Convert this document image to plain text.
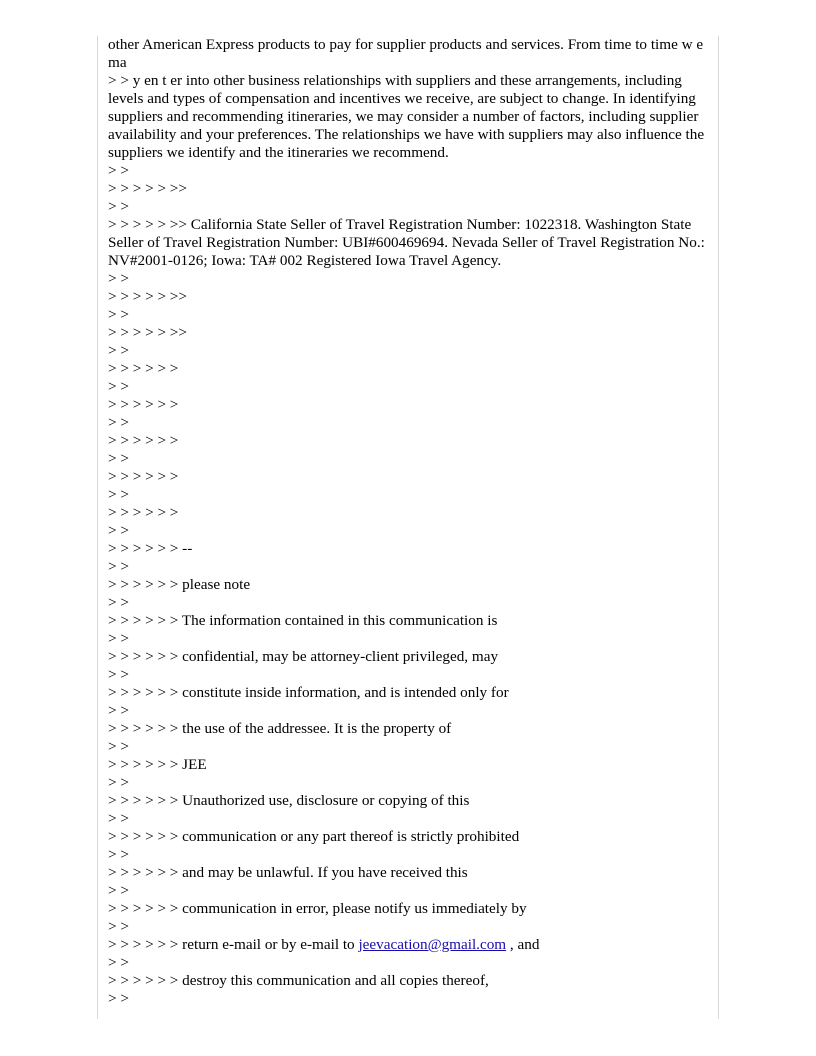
other American Express products to pay for supplier products and services. From time to time w e ma

> > y en t er into other business relationships with suppliers and these arrangements, including levels and types of compensation and incentives we receive, are subject to change. In identifying suppliers and recommending itineraries, we may consider a number of factors, including supplier availability and your preferences. The relationships we have with suppliers may also influence the suppliers we identify and the itineraries we recommend.

> >
> > > > > >>
> >

> > > > > >> California State Seller of Travel Registration Number: 1022318. Washington State Seller of Travel Registration Number: UBI#600469694. Nevada Seller of Travel Registration No.: NV#2001-0126; Iowa: TA# 002 Registered Iowa Travel Agency.

> >
> > > > > >>
> >
> > > > > >>
> >
> > > > > >
> >
> > > > > >
> >
> > > > > >
> >
> > > > > >
> >
> > > > > >
> >
> > > > > > --
> >
> > > > > > please note
> >
> > > > > > The information contained in this communication is
> >
> > > > > > confidential, may be attorney-client privileged, may
> >
> > > > > > constitute inside information, and is intended only for
> >
> > > > > > the use of the addressee. It is the property of
> >
> > > > > > JEE
> >
> > > > > > Unauthorized use, disclosure or copying of this
> >
> > > > > > communication or any part thereof is strictly prohibited
> >
> > > > > > and may be unlawful. If you have received this
> >
> > > > > > communication in error, please notify us immediately by
> >
> > > > > > return e-mail or by e-mail to jeevacation@gmail.com , and
> >
> > > > > > destroy this communication and all copies thereof,
> >
